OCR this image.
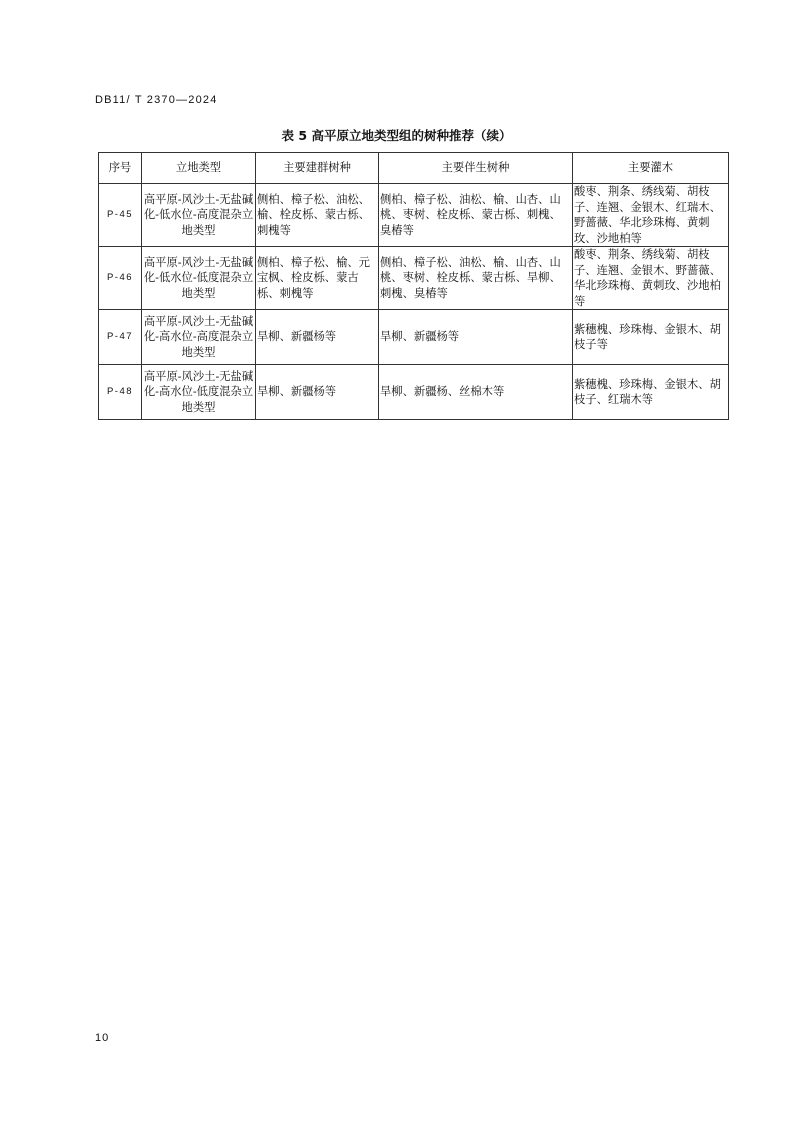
DB11/ T 2370—2024
表 5 高平原立地类型组的树种推荐（续）
序号	立地类型	主要建群树种	主要伴生树种	主要灌木
P-45	高平原-风沙土-无盐碱化-低水位-高度混杂立地类型	侧柏、樟子松、油松、榆、栓皮栎、蒙古栎、刺槐等	侧柏、樟子松、油松、榆、山杏、山桃、枣树、栓皮栎、蒙古栎、刺槐、臭椿等	酸枣、荆条、绣线菊、胡枝子、连翘、金银木、红瑞木、野蔷薇、华北珍珠梅、黄刺玫、沙地柏等
P-46	高平原-风沙土-无盐碱化-低水位-低度混杂立地类型	侧柏、樟子松、榆、元宝枫、栓皮栎、蒙古栎、刺槐等	侧柏、樟子松、油松、榆、山杏、山桃、枣树、栓皮栎、蒙古栎、旱柳、刺槐、臭椿等	酸枣、荆条、绣线菊、胡枝子、连翘、金银木、野蔷薇、华北珍珠梅、黄刺玫、沙地柏等
P-47	高平原-风沙土-无盐碱化-高水位-高度混杂立地类型	旱柳、新疆杨等	旱柳、新疆杨等	紫穗槐、珍珠梅、金银木、胡枝子等
P-48	高平原-风沙土-无盐碱化-高水位-低度混杂立地类型	旱柳、新疆杨等	旱柳、新疆杨、丝棉木等	紫穗槐、珍珠梅、金银木、胡枝子、红瑞木等
10
